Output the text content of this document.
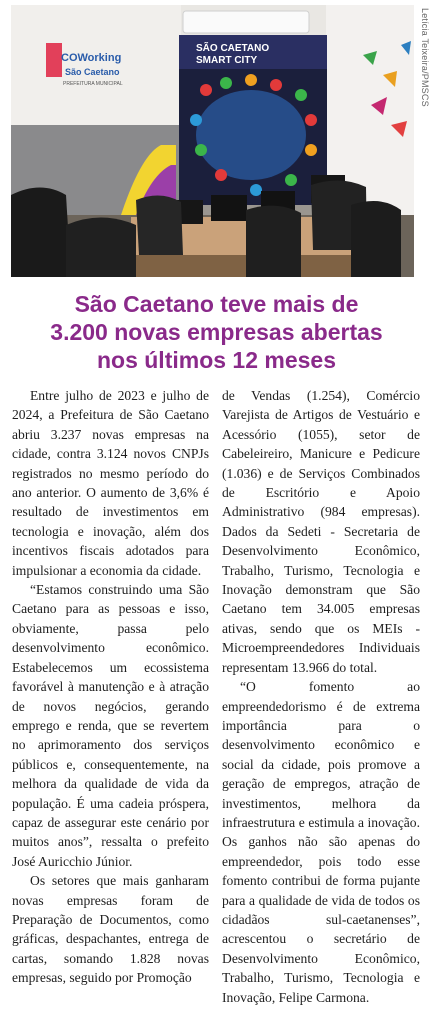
SÃO CAETANO
SMART CITY
COWorking
São Caetano
PREFEITURA MUNICIPAL	Letícia Teixeira/PMSCS
São Caetano teve mais de
3.200 novas empresas abertas
nos últimos 12 meses

Entre julho de 2023 e julho de 2024, a Prefeitura de São Caetano abriu 3.237 novas empresas na cidade, contra 3.124 novos CNPJs registrados no mesmo período do ano anterior. O aumento de 3,6% é resultado de investimentos em tecnologia e inovação, além dos incentivos fiscais adotados para impulsionar a economia da cidade.

“Estamos construindo uma São Caetano para as pessoas e isso, obviamente, passa pelo desenvolvimento econômico. Estabelecemos um ecossistema favorável à manutenção e à atração de novos negócios, gerando emprego e renda, que se revertem no aprimoramento dos serviços públicos e, consequentemente, na melhora da qualidade de vida da população. É uma cadeia próspera, capaz de assegurar este cenário por muitos anos”, ressalta o prefeito José Auricchio Júnior.

Os setores que mais ganharam novas empresas foram de Preparação de Documentos, como gráficas, despachantes, entrega de cartas, somando 1.828 novas empresas, seguido por Promoção

de Vendas (1.254), Comércio Varejista de Artigos de Vestuário e Acessório (1055), setor de Cabeleireiro, Manicure e Pedicure (1.036) e de Serviços Combinados de Escritório e Apoio Administrativo (984 empresas). Dados da Sedeti - Secretaria de Desenvolvimento Econômico, Trabalho, Turismo, Tecnologia e Inovação demonstram que São Caetano tem 34.005 empresas ativas, sendo que os MEIs - Microempreendedores Individuais representam 13.966 do total.

“O fomento ao empreendedorismo é de extrema importância para o desenvolvimento econômico e social da cidade, pois promove a geração de empregos, atração de investimentos, melhora da infraestrutura e estimula a inovação. Os ganhos não são apenas do empreendedor, pois todo esse fomento contribui de forma pujante para a qualidade de vida de todos os cidadãos sul-caetanenses”, acrescentou o secretário de Desenvolvimento Econômico, Trabalho, Turismo, Tecnologia e Inovação, Felipe Carmona.
